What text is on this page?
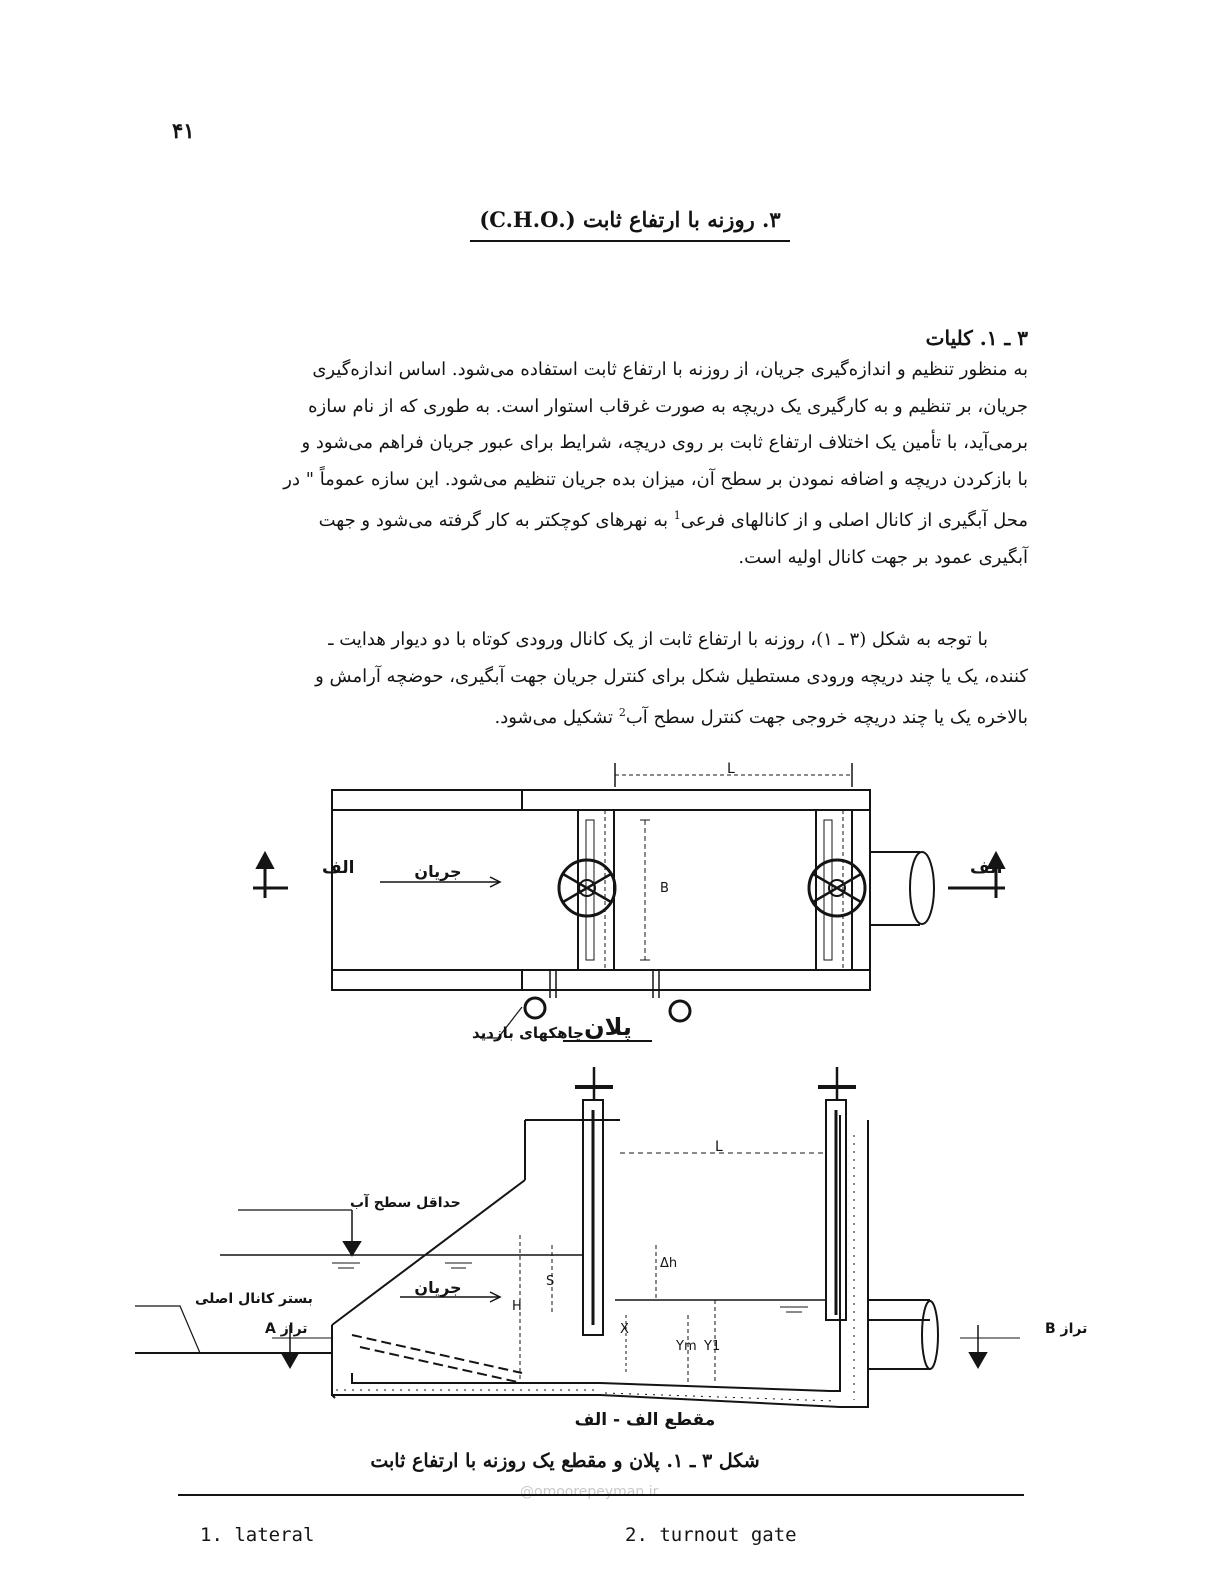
۴۱
۳. روزنه با ارتفاع ثابت (.C.H.O)
۳ ـ ۱. کلیات
به منظور تنظیم و اندازه‌گیری جریان، از روزنه با ارتفاع ثابت استفاده می‌شود. اساس اندازه‌گیری
جریان، بر تنظیم و به کارگیری یک دریچه به صورت غرقاب استوار است. به طوری که از نام سازه
برمی‌آید، با تأمین یک اختلاف ارتفاع ثابت بر روی دریچه، شرایط برای عبور جریان فراهم می‌شود و
با بازکردن دریچه و اضافه نمودن بر سطح آن، میزان بده جریان تنظیم می‌شود. این سازه عموماً " در
محل آبگیری از کانال اصلی و از کانالهای فرعی$^1$ به نهرهای کوچکتر به کار گرفته می‌شود و جهت
آبگیری عمود بر جهت کانال اولیه است.
با توجه به شکل (۳ ـ ۱)، روزنه با ارتفاع ثابت از یک کانال ورودی کوتاه با دو دیوار هدایت ـ
کننده، یک یا چند دریچه ورودی مستطیل شکل برای کنترل جریان جهت آبگیری، حوضچه آرامش و
بالاخره یک یا چند دریچه خروجی جهت کنترل سطح آب$^2$ تشکیل می‌شود.
L
B
جریان
الف	الف
چاهکهای بازدید پلان
حداقل سطح آب
بستر کانال اصلی
تراز A	تراز B
جریان
L
Δh
S
H
Ym Y1
X
مقطع الف - الف
شکل ۳ ـ ۱. پلان و مقطع یک روزنه با ارتفاع ثابت
@omoorepeyman.ir
1. lateral	2. turnout gate
